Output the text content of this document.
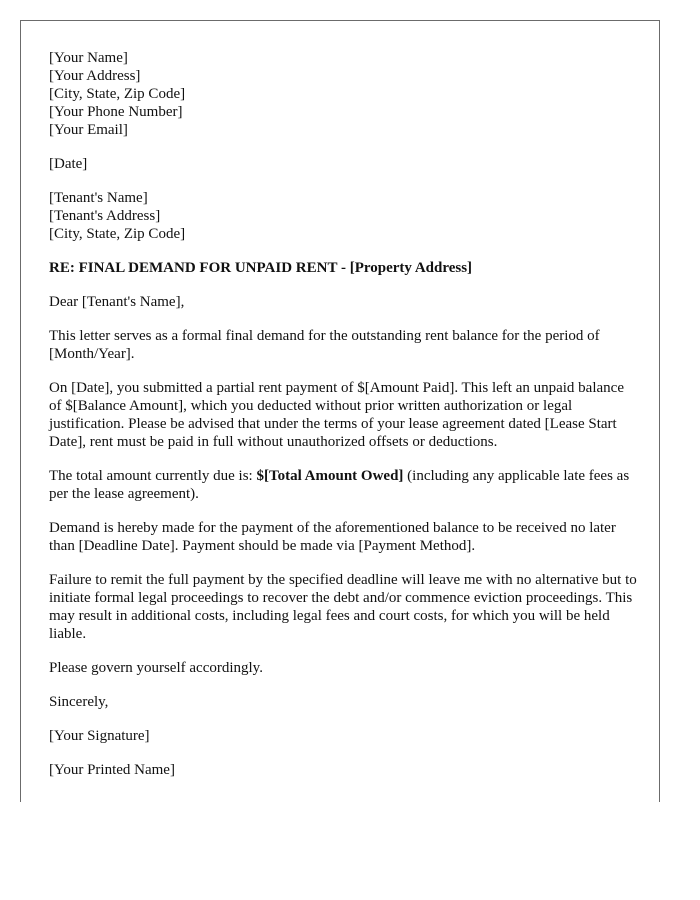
[Your Name]
[Your Address]
[City, State, Zip Code]
[Your Phone Number]
[Your Email]

[Date]

[Tenant's Name]
[Tenant's Address]
[City, State, Zip Code]

RE: FINAL DEMAND FOR UNPAID RENT - [Property Address]

Dear [Tenant's Name],

This letter serves as a formal final demand for the outstanding rent balance for the period of [Month/Year].

On [Date], you submitted a partial rent payment of $[Amount Paid]. This left an unpaid balance of $[Balance Amount], which you deducted without prior written authorization or legal justification. Please be advised that under the terms of your lease agreement dated [Lease Start Date], rent must be paid in full without unauthorized offsets or deductions.

The total amount currently due is: $[Total Amount Owed] (including any applicable late fees as per the lease agreement).

Demand is hereby made for the payment of the aforementioned balance to be received no later than [Deadline Date]. Payment should be made via [Payment Method].

Failure to remit the full payment by the specified deadline will leave me with no alternative but to initiate formal legal proceedings to recover the debt and/or commence eviction proceedings. This may result in additional costs, including legal fees and court costs, for which you will be held liable.

Please govern yourself accordingly.

Sincerely,

[Your Signature]

[Your Printed Name]
